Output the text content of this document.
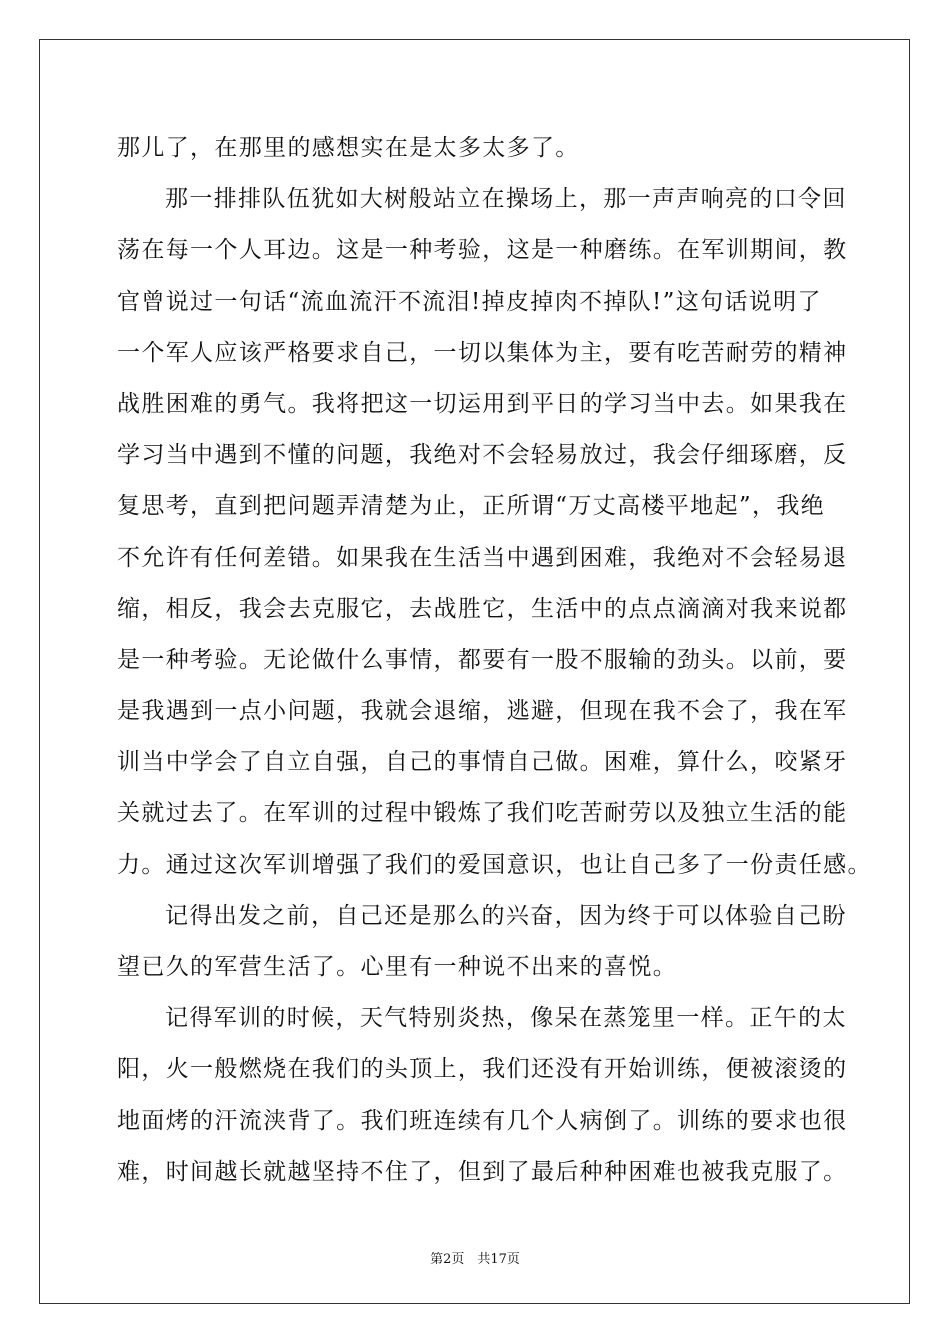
那儿了，在那里的感想实在是太多太多了。
那一排排队伍犹如大树般站立在操场上，那一声声响亮的口令回
荡在每一个人耳边。这是一种考验，这是一种磨练。在军训期间，教
官曾说过一句话“流血流汗不流泪!掉皮掉肉不掉队!”这句话说明了
一个军人应该严格要求自己，一切以集体为主，要有吃苦耐劳的精神
战胜困难的勇气。我将把这一切运用到平日的学习当中去。如果我在
学习当中遇到不懂的问题，我绝对不会轻易放过，我会仔细琢磨，反
复思考，直到把问题弄清楚为止，正所谓“万丈高楼平地起”，我绝
不允许有任何差错。如果我在生活当中遇到困难，我绝对不会轻易退
缩，相反，我会去克服它，去战胜它，生活中的点点滴滴对我来说都
是一种考验。无论做什么事情，都要有一股不服输的劲头。以前，要
是我遇到一点小问题，我就会退缩，逃避，但现在我不会了，我在军
训当中学会了自立自强，自己的事情自己做。困难，算什么，咬紧牙
关就过去了。在军训的过程中锻炼了我们吃苦耐劳以及独立生活的能
力。通过这次军训增强了我们的爱国意识，也让自己多了一份责任感。
记得出发之前，自己还是那么的兴奋，因为终于可以体验自己盼
望已久的军营生活了。心里有一种说不出来的喜悦。
记得军训的时候，天气特别炎热，像呆在蒸笼里一样。正午的太
阳，火一般燃烧在我们的头顶上，我们还没有开始训练，便被滚烫的
地面烤的汗流浃背了。我们班连续有几个人病倒了。训练的要求也很
难，时间越长就越坚持不住了，但到了最后种种困难也被我克服了。
第2页　共17页
